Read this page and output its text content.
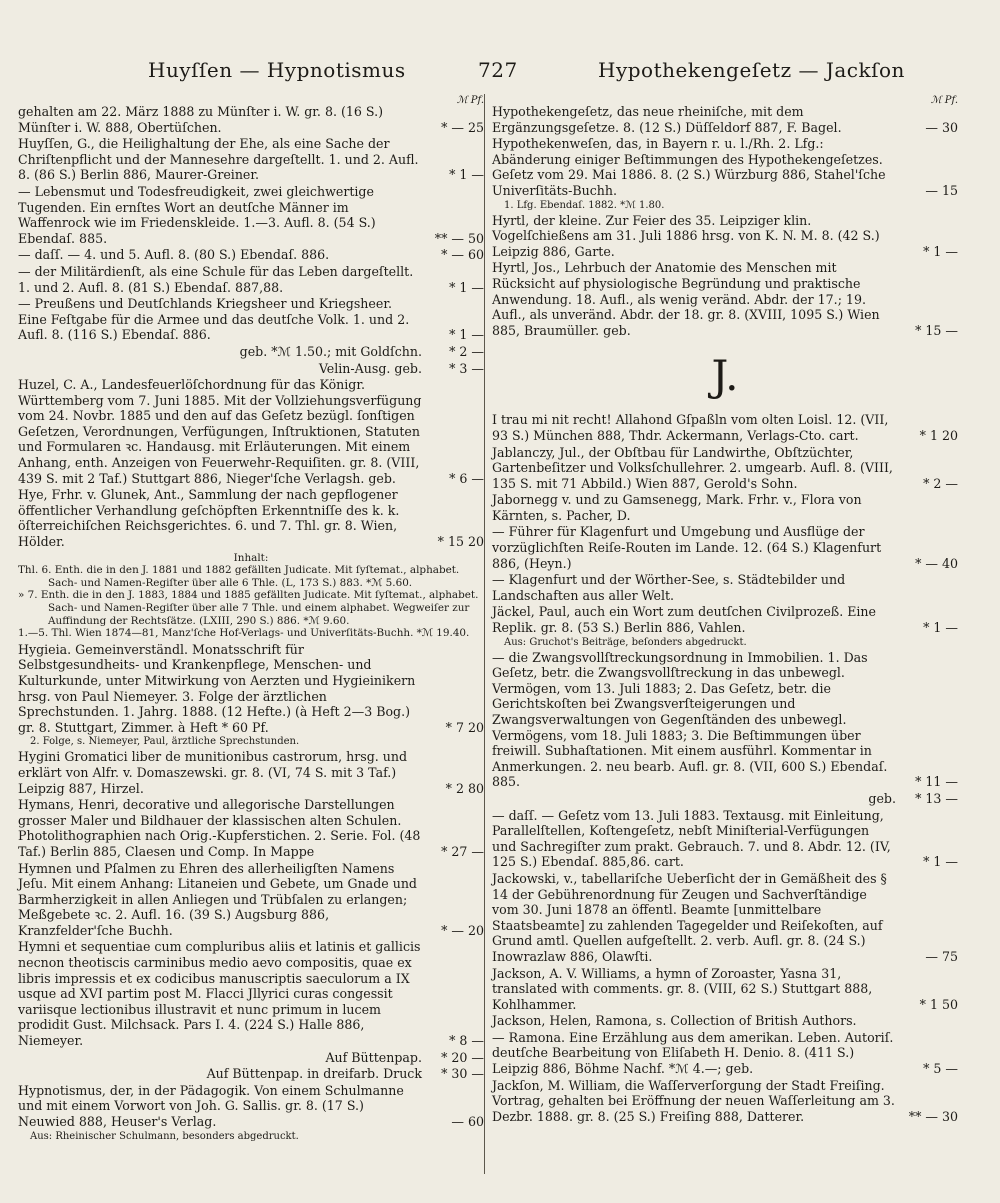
Huyſſen — Hypnotismus	727	Hypothekengeſetz — Jackſon
ℳ Pf.
gehalten am 22. März 1888 zu Münſter i. W. gr. 8. (16 S.) Münſter i. W. 888, Obertüſchen.	* — 25
Huyſſen, G., die Heilighaltung der Ehe, als eine Sache der Chriſtenpflicht und der Mannesehre dargeſtellt. 1. und 2. Aufl. 8. (86 S.) Berlin 886, Maurer-Greiner.	* 1 —
— Lebensmut und Todesfreudigkeit, zwei gleichwertige Tugenden. Ein ernſtes Wort an deutſche Männer im Waffenrock wie im Friedenskleide. 1.—3. Aufl. 8. (54 S.) Ebendaſ. 885.	** — 50
— daſſ. — 4. und 5. Aufl. 8. (80 S.) Ebendaſ. 886.	* — 60
— der Militärdienſt, als eine Schule für das Leben dargeſtellt. 1. und 2. Aufl. 8. (81 S.) Ebendaſ. 887,88.	* 1 —
— Preußens und Deutſchlands Kriegsheer und Kriegsheer. Eine Feſtgabe für die Armee und das deutſche Volk. 1. und 2. Aufl. 8. (116 S.) Ebendaſ. 886.	* 1 —
geb. *ℳ 1.50.; mit Goldſchn.	* 2 —
Velin-Ausg. geb.	* 3 —
Huzel, C. A., Landesfeuerlöſchordnung für das Königr. Württemberg vom 7. Juni 1885. Mit der Vollziehungsverfügung vom 24. Novbr. 1885 und den auf das Geſetz bezügl. ſonſtigen Geſetzen, Verordnungen, Verfügungen, Inſtruktionen, Statuten und Formularen ꝛc. Handausg. mit Erläuterungen. Mit einem Anhang, enth. Anzeigen von Feuerwehr-Requiſiten. gr. 8. (VIII, 439 S. mit 2 Taf.) Stuttgart 886, Nieger'ſche Verlagsh. geb.	* 6 —
Hye, Frhr. v. Glunek, Ant., Sammlung der nach gepflogener öffentlicher Verhandlung geſchöpften Erkenntniſſe des k. k. öſterreichiſchen Reichsgerichtes. 6. und 7. Thl. gr. 8. Wien, Hölder.	* 15 20
Inhalt:
Thl. 6. Enth. die in den J. 1881 und 1882 gefällten Judicate. Mit ſyſtemat., alphabet. Sach- und Namen-Regiſter über alle 6 Thle. (L, 173 S.) 883. *ℳ 5.60.
» 7. Enth. die in den J. 1883, 1884 und 1885 gefällten Judicate. Mit ſyſtemat., alphabet. Sach- und Namen-Regiſter über alle 7 Thle. und einem alphabet. Wegweiſer zur Auffindung der Rechtsſätze. (LXIII, 290 S.) 886. *ℳ 9.60.
1.—5. Thl. Wien 1874—81, Manz'ſche Hof-Verlags- und Univerſitäts-Buchh. *ℳ 19.40.
Hygieia. Gemeinverständl. Monatsschrift für Selbstgesundheits- und Krankenpflege, Menschen- und Kulturkunde, unter Mitwirkung von Aerzten und Hygieinikern hrsg. von Paul Niemeyer. 3. Folge der ärztlichen Sprechstunden. 1. Jahrg. 1888. (12 Hefte.) (à Heft 2—3 Bog.) gr. 8. Stuttgart, Zimmer. à Heft * 60 Pf.	* 7 20
2. Folge, s. Niemeyer, Paul, ärztliche Sprechstunden.
Hygini Gromatici liber de munitionibus castrorum, hrsg. und erklärt von Alfr. v. Domaszewski. gr. 8. (VI, 74 S. mit 3 Taf.) Leipzig 887, Hirzel.	* 2 80
Hymans, Henri, decorative und allegorische Darstellungen grosser Maler und Bildhauer der klassischen alten Schulen. Photolithographien nach Orig.-Kupferstichen. 2. Serie. Fol. (48 Taf.) Berlin 885, Claesen und Comp. In Mappe	* 27 —
Hymnen und Pſalmen zu Ehren des allerheiligſten Namens Jeſu. Mit einem Anhang: Litaneien und Gebete, um Gnade und Barmherzigkeit in allen Anliegen und Trübſalen zu erlangen; Meßgebete ꝛc. 2. Aufl. 16. (39 S.) Augsburg 886, Kranzfelder'ſche Buchh.	* — 20
Hymni et sequentiae cum compluribus aliis et latinis et gallicis necnon theotiscis carminibus medio aevo compositis, quae ex libris impressis et ex codicibus manuscriptis saeculorum a IX usque ad XVI partim post M. Flacci Jllyrici curas congessit variisque lectionibus illustravit et nunc primum in lucem prodidit Gust. Milchsack. Pars I. 4. (224 S.) Halle 886, Niemeyer.	* 8 —
Auf Büttenpap.	* 20 —
Auf Büttenpap. in dreifarb. Druck	* 30 —
Hypnotismus, der, in der Pädagogik. Von einem Schulmanne und mit einem Vorwort von Joh. G. Sallis. gr. 8. (17 S.) Neuwied 888, Heuser's Verlag.	— 60
Aus: Rheinischer Schulmann, besonders abgedruckt.
ℳ Pf.
Hypothekengeſetz, das neue rheiniſche, mit dem Ergänzungsgeſetze. 8. (12 S.) Düſſeldorf 887, F. Bagel.	— 30
Hypothekenweſen, das, in Bayern r. u. l./Rh. 2. Lfg.: Abänderung einiger Beſtimmungen des Hypothekengeſetzes. Geſetz vom 29. Mai 1886. 8. (2 S.) Würzburg 886, Stahel'ſche Univerſitäts-Buchh.	— 15
1. Lfg. Ebendaſ. 1882. *ℳ 1.80.
Hyrtl, der kleine. Zur Feier des 35. Leipziger klin. Vogelſchießens am 31. Juli 1886 hrsg. von K. N. M. 8. (42 S.) Leipzig 886, Garte.	* 1 —
Hyrtl, Jos., Lehrbuch der Anatomie des Menschen mit Rücksicht auf physiologische Begründung und praktische Anwendung. 18. Aufl., als wenig veränd. Abdr. der 17.; 19. Aufl., als unveränd. Abdr. der 18. gr. 8. (XVIII, 1095 S.) Wien 885, Braumüller. geb.	* 15 —
J.
I trau mi nit recht! Allahond Gſpaßln vom olten Loisl. 12. (VII, 93 S.) München 888, Thdr. Ackermann, Verlags-Cto. cart.	* 1 20
Jablanczy, Jul., der Obſtbau für Landwirthe, Obſtzüchter, Gartenbeſitzer und Volksſchullehrer. 2. umgearb. Aufl. 8. (VIII, 135 S. mit 71 Abbild.) Wien 887, Gerold's Sohn.	* 2 —
Jabornegg v. und zu Gamsenegg, Mark. Frhr. v., Flora von Kärnten, s. Pacher, D.
— Führer für Klagenfurt und Umgebung und Ausflüge der vorzüglichſten Reiſe-Routen im Lande. 12. (64 S.) Klagenfurt 886, (Heyn.)	* — 40
— Klagenfurt und der Wörther-See, s. Städtebilder und Landschaften aus aller Welt.
Jäckel, Paul, auch ein Wort zum deutſchen Civilprozeß. Eine Replik. gr. 8. (53 S.) Berlin 886, Vahlen.	* 1 —
Aus: Gruchot's Beiträge, beſonders abgedruckt.
— die Zwangsvollſtreckungsordnung in Immobilien. 1. Das Geſetz, betr. die Zwangsvollſtreckung in das unbewegl. Vermögen, vom 13. Juli 1883; 2. Das Geſetz, betr. die Gerichtskoſten bei Zwangsverſteigerungen und Zwangsverwaltungen von Gegenſtänden des unbewegl. Vermögens, vom 18. Juli 1883; 3. Die Beſtimmungen über freiwill. Subhaſtationen. Mit einem ausführl. Kommentar in Anmerkungen. 2. neu bearb. Aufl. gr. 8. (VII, 600 S.) Ebendaſ. 885.	* 11 —
geb.	* 13 —
— daſſ. — Geſetz vom 13. Juli 1883. Textausg. mit Einleitung, Parallelſtellen, Koſtengeſetz, nebſt Miniſterial-Verfügungen und Sachregiſter zum prakt. Gebrauch. 7. und 8. Abdr. 12. (IV, 125 S.) Ebendaſ. 885,86. cart.	* 1 —
Jackowski, v., tabellariſche Ueberſicht der in Gemäßheit des § 14 der Gebührenordnung für Zeugen und Sachverſtändige vom 30. Juni 1878 an öffentl. Beamte [unmittelbare Staatsbeamte] zu zahlenden Tagegelder und Reiſekoſten, auf Grund amtl. Quellen aufgeſtellt. 2. verb. Aufl. gr. 8. (24 S.) Inowrazlaw 886, Olawſti.	— 75
Jackson, A. V. Williams, a hymn of Zoroaster, Yasna 31, translated with comments. gr. 8. (VIII, 62 S.) Stuttgart 888, Kohlhammer.	* 1 50
Jackson, Helen, Ramona, s. Collection of British Authors.
— Ramona. Eine Erzählung aus dem amerikan. Leben. Autoriſ. deutſche Bearbeitung von Eliſabeth H. Denio. 8. (411 S.) Leipzig 886, Böhme Nachf. *ℳ 4.—; geb.	* 5 —
Jackſon, M. William, die Waſſerverſorgung der Stadt Freiſing. Vortrag, gehalten bei Eröffnung der neuen Waſſerleitung am 3. Dezbr. 1888. gr. 8. (25 S.) Freiſing 888, Datterer.	** — 30
